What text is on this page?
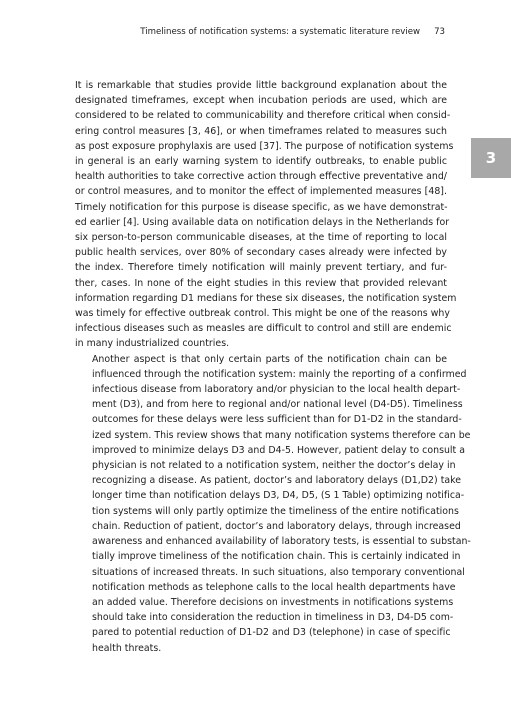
Timeliness of notification systems: a systematic literature review 73
3

It is remarkable that studies provide little background explanation about the
designated timeframes, except when incubation periods are used, which are
considered to be related to communicability and therefore critical when consid-
ering control measures [3, 46], or when timeframes related to measures such
as post exposure prophylaxis are used [37]. The purpose of notification systems
in general is an early warning system to identify outbreaks, to enable public
health authorities to take corrective action through effective preventative and/
or control measures, and to monitor the effect of implemented measures [48].
Timely notification for this purpose is disease specific, as we have demonstrat-
ed earlier [4]. Using available data on notification delays in the Netherlands for
six person-to-person communicable diseases, at the time of reporting to local
public health services, over 80% of secondary cases already were infected by
the index. Therefore timely notification will mainly prevent tertiary, and fur-
ther, cases. In none of the eight studies in this review that provided relevant
information regarding D1 medians for these six diseases, the notification system
was timely for effective outbreak control. This might be one of the reasons why
infectious diseases such as measles are difficult to control and still are endemic
in many industrialized countries.

Another aspect is that only certain parts of the notification chain can be
influenced through the notification system: mainly the reporting of a confirmed
infectious disease from laboratory and/or physician to the local health depart-
ment (D3), and from here to regional and/or national level (D4-D5). Timeliness
outcomes for these delays were less sufficient than for D1-D2 in the standard-
ized system. This review shows that many notification systems therefore can be
improved to minimize delays D3 and D4-5. However, patient delay to consult a
physician is not related to a notification system, neither the doctor’s delay in
recognizing a disease. As patient, doctor’s and laboratory delays (D1,D2) take
longer time than notification delays D3, D4, D5, (S 1 Table) optimizing notifica-
tion systems will only partly optimize the timeliness of the entire notifications
chain. Reduction of patient, doctor’s and laboratory delays, through increased
awareness and enhanced availability of laboratory tests, is essential to substan-
tially improve timeliness of the notification chain. This is certainly indicated in
situations of increased threats. In such situations, also temporary conventional
notification methods as telephone calls to the local health departments have
an added value. Therefore decisions on investments in notifications systems
should take into consideration the reduction in timeliness in D3, D4-D5 com-
pared to potential reduction of D1-D2 and D3 (telephone) in case of specific
health threats.
